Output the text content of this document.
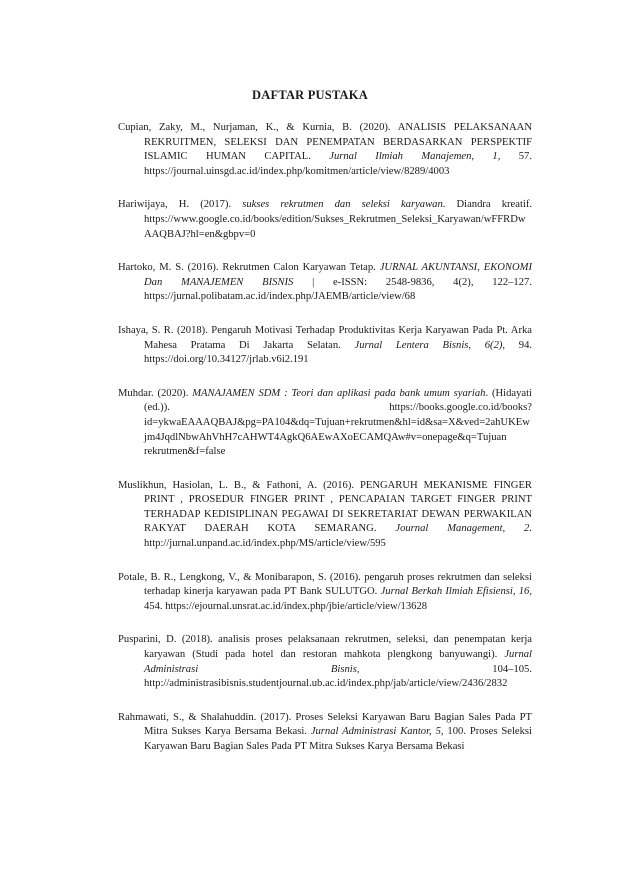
DAFTAR PUSTAKA

Cupian, Zaky, M., Nurjaman, K., & Kurnia, B. (2020). ANALISIS PELAKSANAAN REKRUITMEN, SELEKSI DAN PENEMPATAN BERDASARKAN PERSPEKTIF ISLAMIC HUMAN CAPITAL. Jurnal Ilmiah Manajemen, 1, 57. https://journal.uinsgd.ac.id/index.php/komitmen/article/view/8289/4003

Hariwijaya, H. (2017). sukses rekrutmen dan seleksi karyawan. Diandra kreatif. https://www.google.co.id/books/edition/Sukses_Rekrutmen_Seleksi_Karyawan/wFFRDwAAQBAJ?hl=en&gbpv=0

Hartoko, M. S. (2016). Rekrutmen Calon Karyawan Tetap. JURNAL AKUNTANSI, EKONOMI Dan MANAJEMEN BISNIS | e-ISSN: 2548-9836, 4(2), 122–127. https://jurnal.polibatam.ac.id/index.php/JAEMB/article/view/68

Ishaya, S. R. (2018). Pengaruh Motivasi Terhadap Produktivitas Kerja Karyawan Pada Pt. Arka Mahesa Pratama Di Jakarta Selatan. Jurnal Lentera Bisnis, 6(2), 94. https://doi.org/10.34127/jrlab.v6i2.191

Muhdar. (2020). MANAJAMEN SDM : Teori dan aplikasi pada bank umum syariah. (Hidayati (ed.)).	https://books.google.co.id/books?id=ykwaEAAAQBAJ&pg=PA104&dq=Tujuan+rekrutmen&hl=id&sa=X&ved=2ahUKEwjm4JqdlNbwAhVhH7cAHWT4AgkQ6AEwAXoECAMQAw#v=onepage&q=Tujuan rekrutmen&f=false

Muslikhun, Hasiolan, L. B., & Fathoni, A. (2016). PENGARUH MEKANISME FINGER PRINT , PROSEDUR FINGER PRINT , PENCAPAIAN TARGET FINGER PRINT TERHADAP KEDISIPLINAN PEGAWAI DI SEKRETARIAT DEWAN PERWAKILAN RAKYAT DAERAH KOTA SEMARANG. Journal Management, 2. http://jurnal.unpand.ac.id/index.php/MS/article/view/595

Potale, B. R., Lengkong, V., & Monibarapon, S. (2016). pengaruh proses rekrutmen dan seleksi terhadap kinerja karyawan pada PT Bank SULUTGO. Jurnal Berkah Ilmiah Efisiensi, 16, 454. https://ejournal.unsrat.ac.id/index.php/jbie/article/view/13628

Pusparini, D. (2018). analisis proses pelaksanaan rekrutmen, seleksi, dan penempatan kerja karyawan (Studi pada hotel dan restoran mahkota plengkong banyuwangi). Jurnal Administrasi Bisnis,	104–105. http://administrasibisnis.studentjournal.ub.ac.id/index.php/jab/article/view/2436/2832

Rahmawati, S., & Shalahuddin. (2017). Proses Seleksi Karyawan Baru Bagian Sales Pada PT Mitra Sukses Karya Bersama Bekasi. Jurnal Administrasi Kantor, 5, 100. Proses Seleksi Karyawan Baru Bagian Sales Pada PT Mitra Sukses Karya Bersama Bekasi
